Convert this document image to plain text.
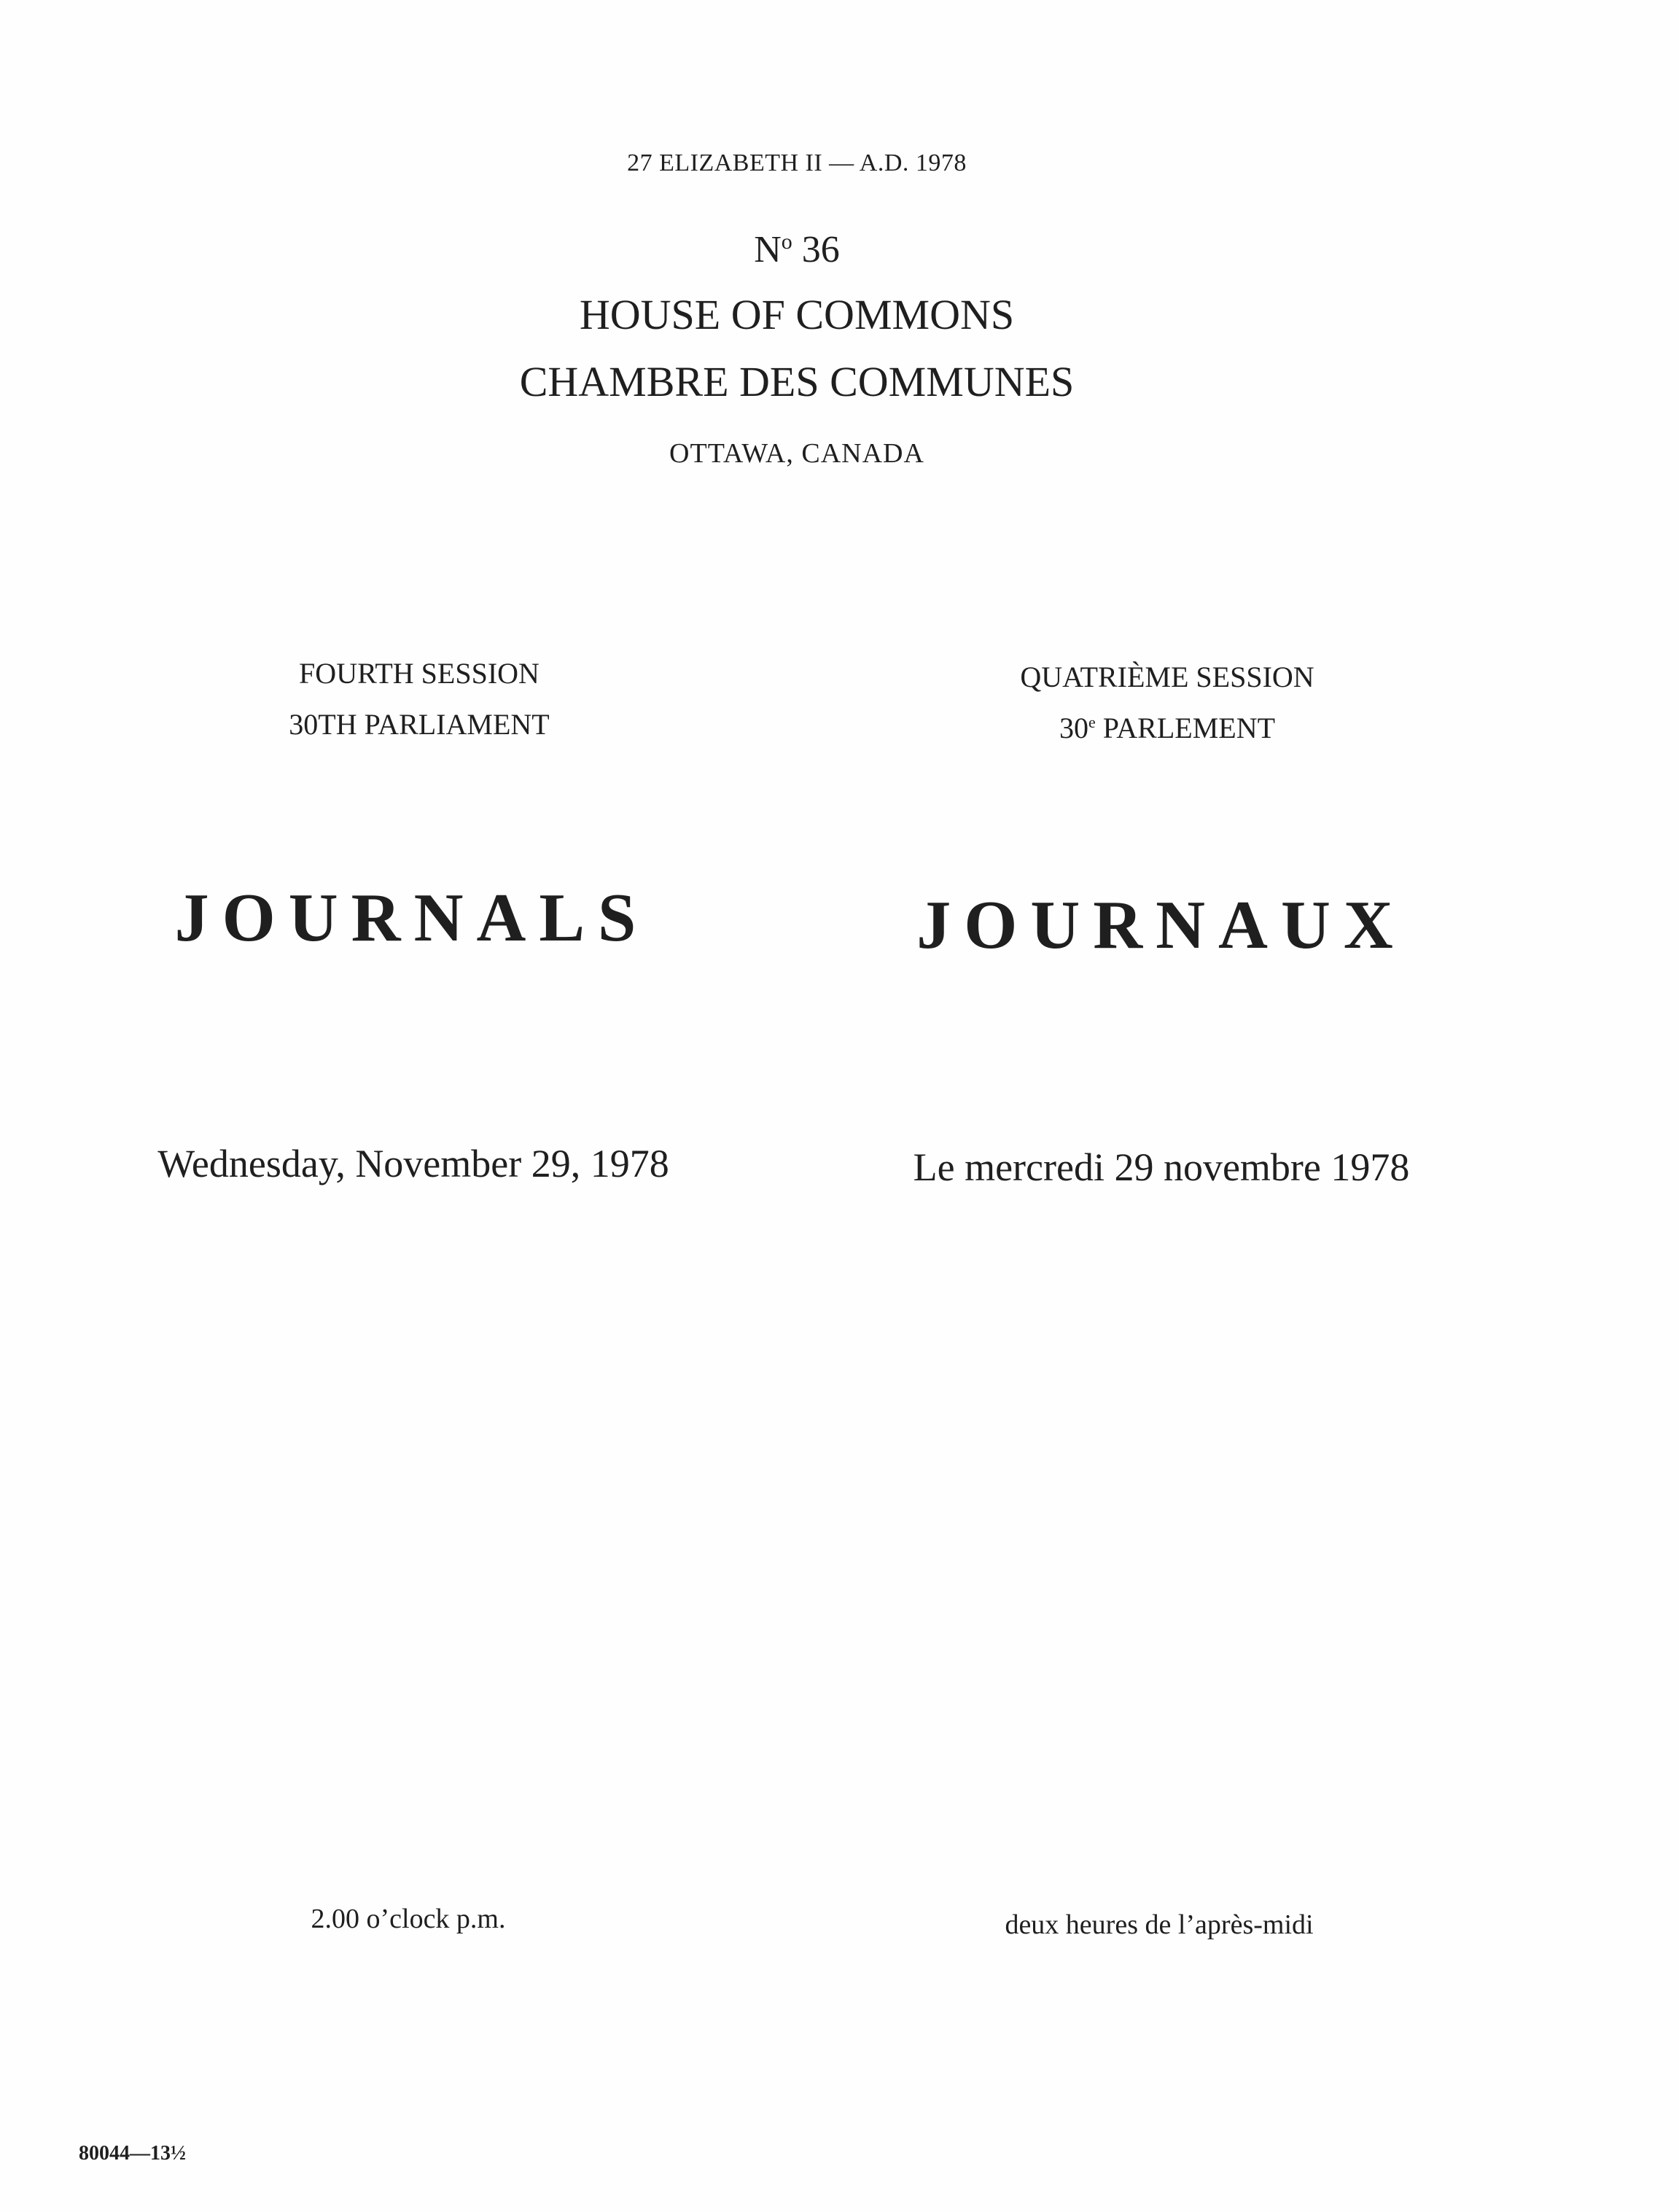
27 ELIZABETH II — A.D. 1978
$N^o$ 36
HOUSE OF COMMONS
CHAMBRE DES COMMUNES
OTTAWA, CANADA
FOURTH SESSION
30TH PARLIAMENT
QUATRIÈME SESSION
30e PARLEMENT
JOURNALS	JOURNAUX
Wednesday, November 29, 1978	Le mercredi 29 novembre 1978
2.00 o’clock p.m.	deux heures de l’après-midi
80044—13½
